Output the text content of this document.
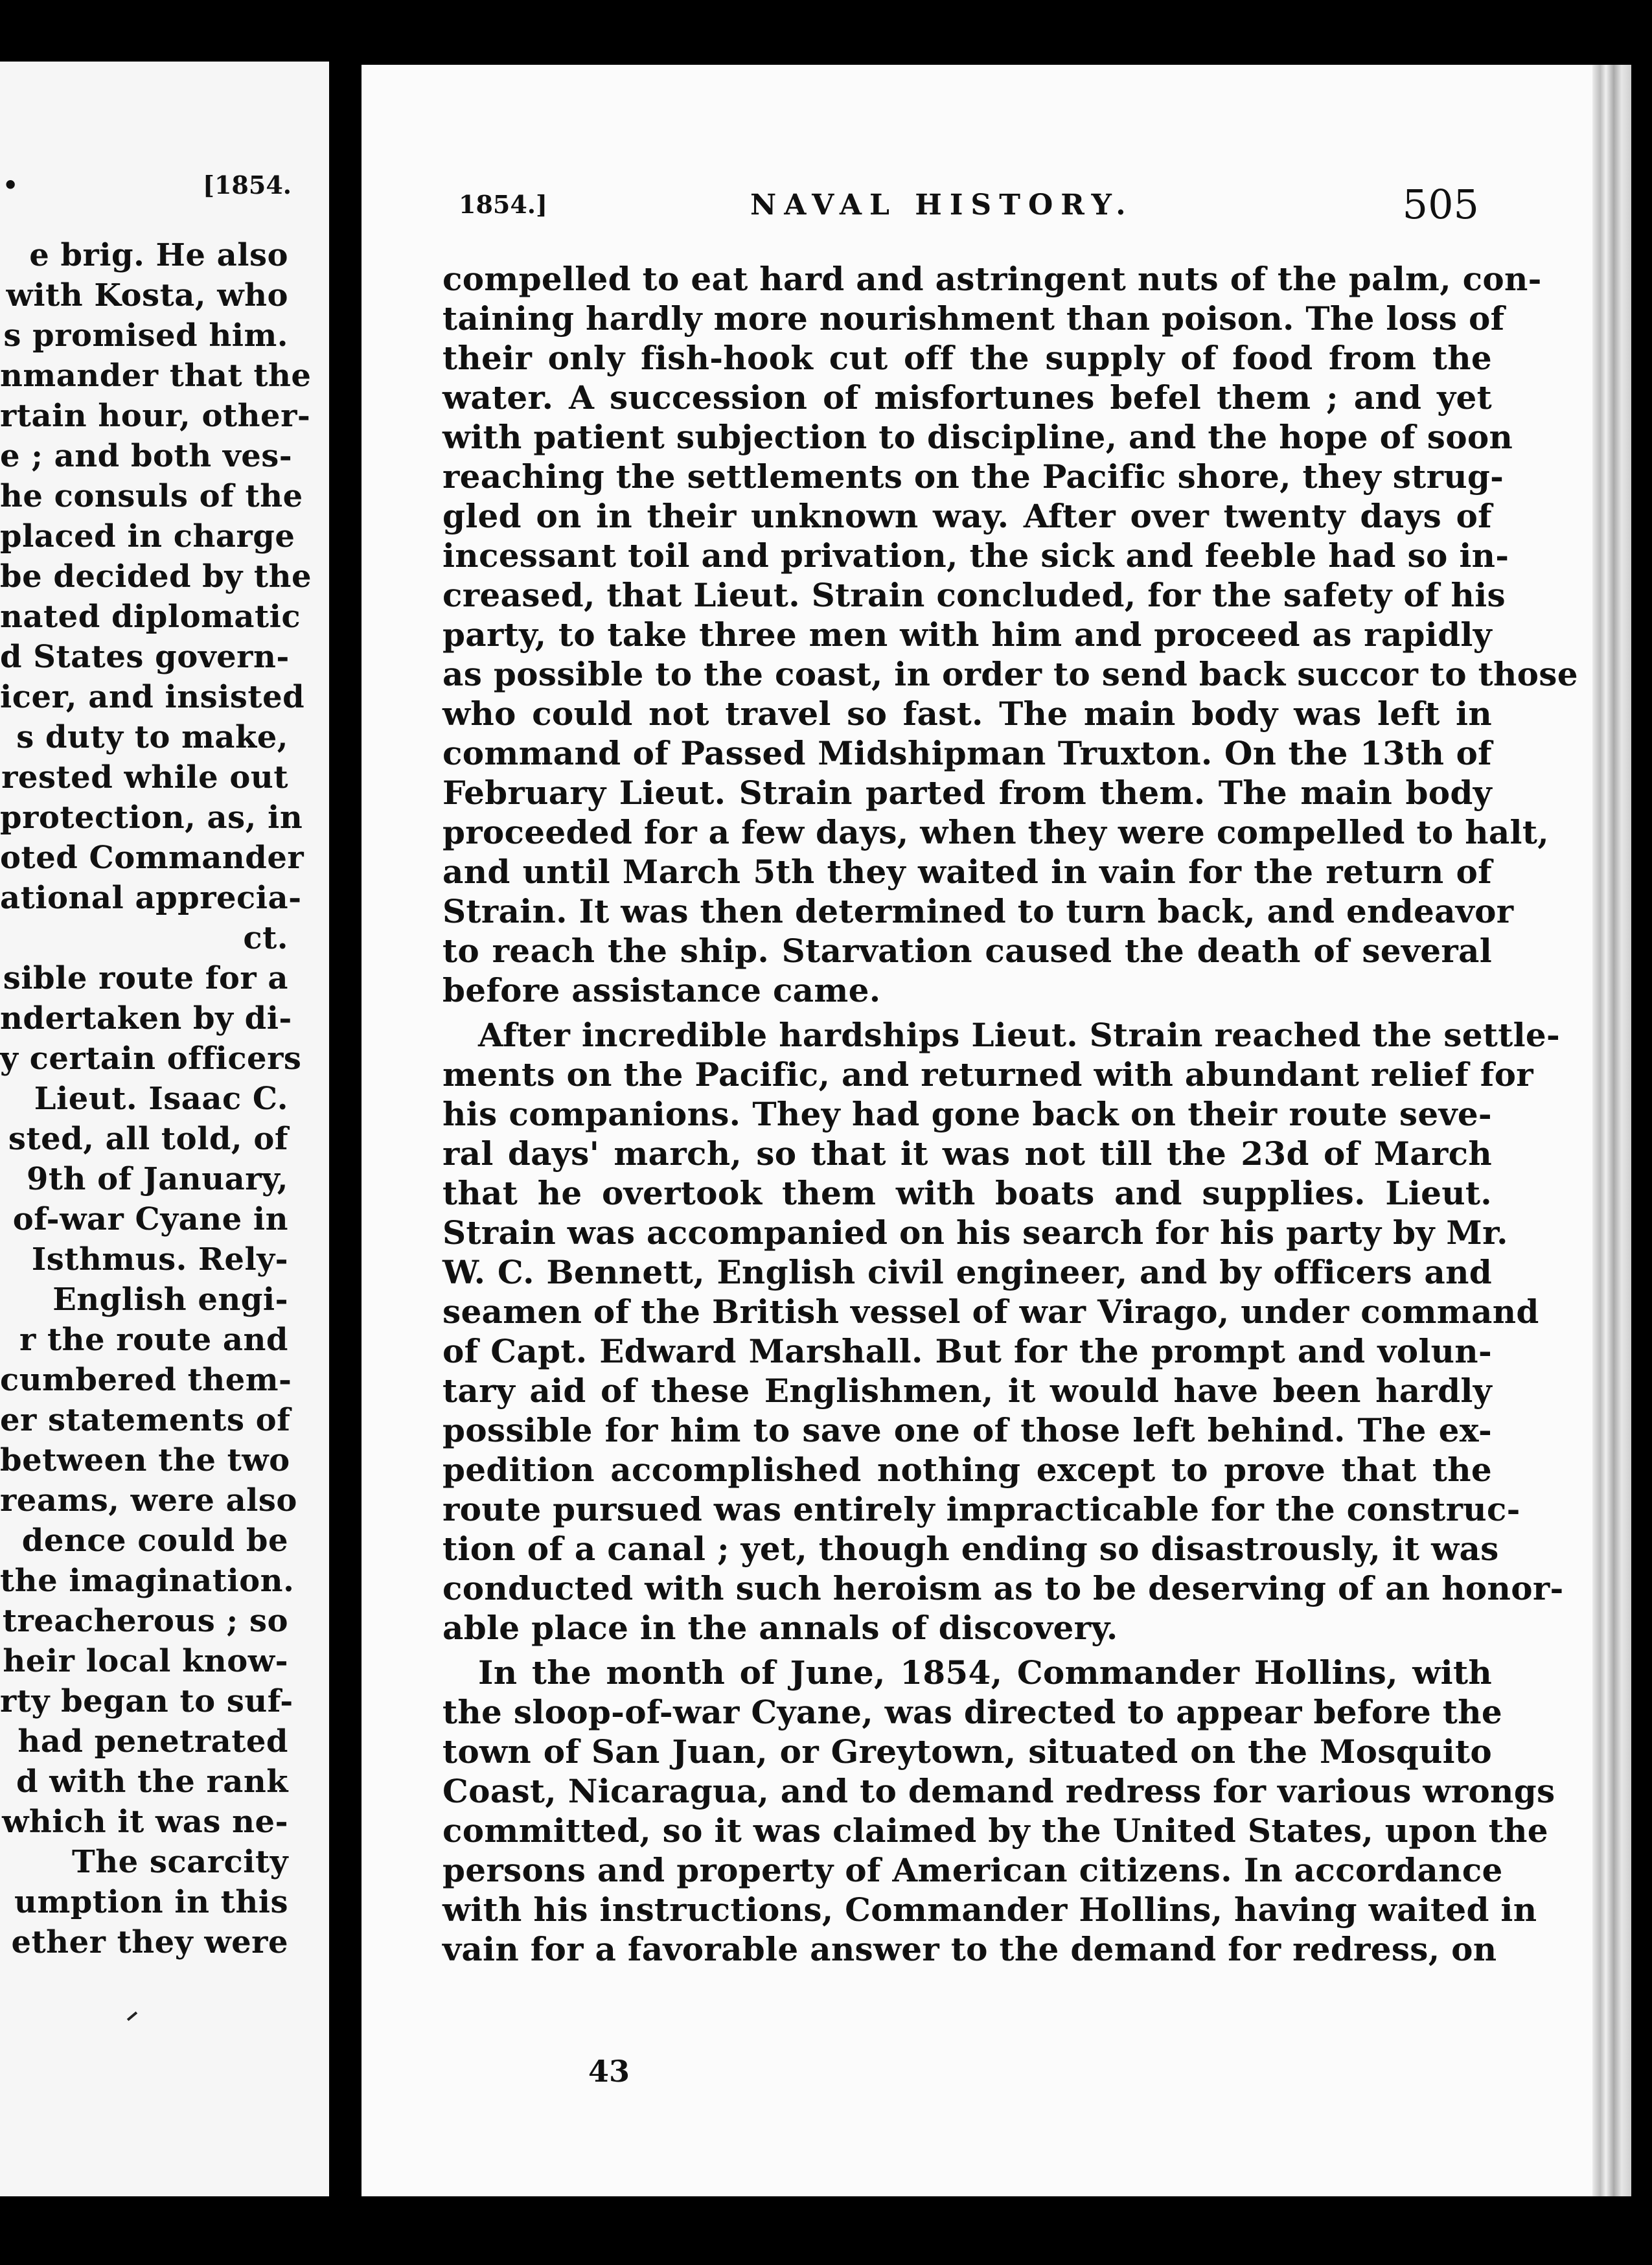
•	[1854.
e brig. He also
with Kosta, who
s promised him.
nmander that the
rtain hour, other-
e ; and both ves-
he consuls of the
placed in charge
be decided by the
nated diplomatic
d States govern-
icer, and insisted
s duty to make,
rested while out
protection, as, in
oted Commander
ational apprecia-
ct.
sible route for a
ndertaken by di-
y certain officers
Lieut. Isaac C.
sted, all told, of
9th of January,
of-war Cyane in
Isthmus. Rely-
English engi-
r the route and
cumbered them-
er statements of
between the two
reams, were also
dence could be
the imagination.
treacherous ; so
heir local know-
rty began to suf-
had penetrated
d with the rank
which it was ne-
The scarcity
umption in this
ether they were
1854.]	NAVAL HISTORY.	505
compelled to eat hard and astringent nuts of the palm, con-
taining hardly more nourishment than poison. The loss of
their only fish-hook cut off the supply of food from the
water. A succession of misfortunes befel them ; and yet
with patient subjection to discipline, and the hope of soon
reaching the settlements on the Pacific shore, they strug-
gled on in their unknown way. After over twenty days of
incessant toil and privation, the sick and feeble had so in-
creased, that Lieut. Strain concluded, for the safety of his
party, to take three men with him and proceed as rapidly
as possible to the coast, in order to send back succor to those
who could not travel so fast. The main body was left in
command of Passed Midshipman Truxton. On the 13th of
February Lieut. Strain parted from them. The main body
proceeded for a few days, when they were compelled to halt,
and until March 5th they waited in vain for the return of
Strain. It was then determined to turn back, and endeavor
to reach the ship. Starvation caused the death of several
before assistance came.
After incredible hardships Lieut. Strain reached the settle-
ments on the Pacific, and returned with abundant relief for
his companions. They had gone back on their route seve-
ral days' march, so that it was not till the 23d of March
that he overtook them with boats and supplies. Lieut.
Strain was accompanied on his search for his party by Mr.
W. C. Bennett, English civil engineer, and by officers and
seamen of the British vessel of war Virago, under command
of Capt. Edward Marshall. But for the prompt and volun-
tary aid of these Englishmen, it would have been hardly
possible for him to save one of those left behind. The ex-
pedition accomplished nothing except to prove that the
route pursued was entirely impracticable for the construc-
tion of a canal ; yet, though ending so disastrously, it was
conducted with such heroism as to be deserving of an honor-
able place in the annals of discovery.
In the month of June, 1854, Commander Hollins, with
the sloop-of-war Cyane, was directed to appear before the
town of San Juan, or Greytown, situated on the Mosquito
Coast, Nicaragua, and to demand redress for various wrongs
committed, so it was claimed by the United States, upon the
persons and property of American citizens. In accordance
with his instructions, Commander Hollins, having waited in
vain for a favorable answer to the demand for redress, on
43
